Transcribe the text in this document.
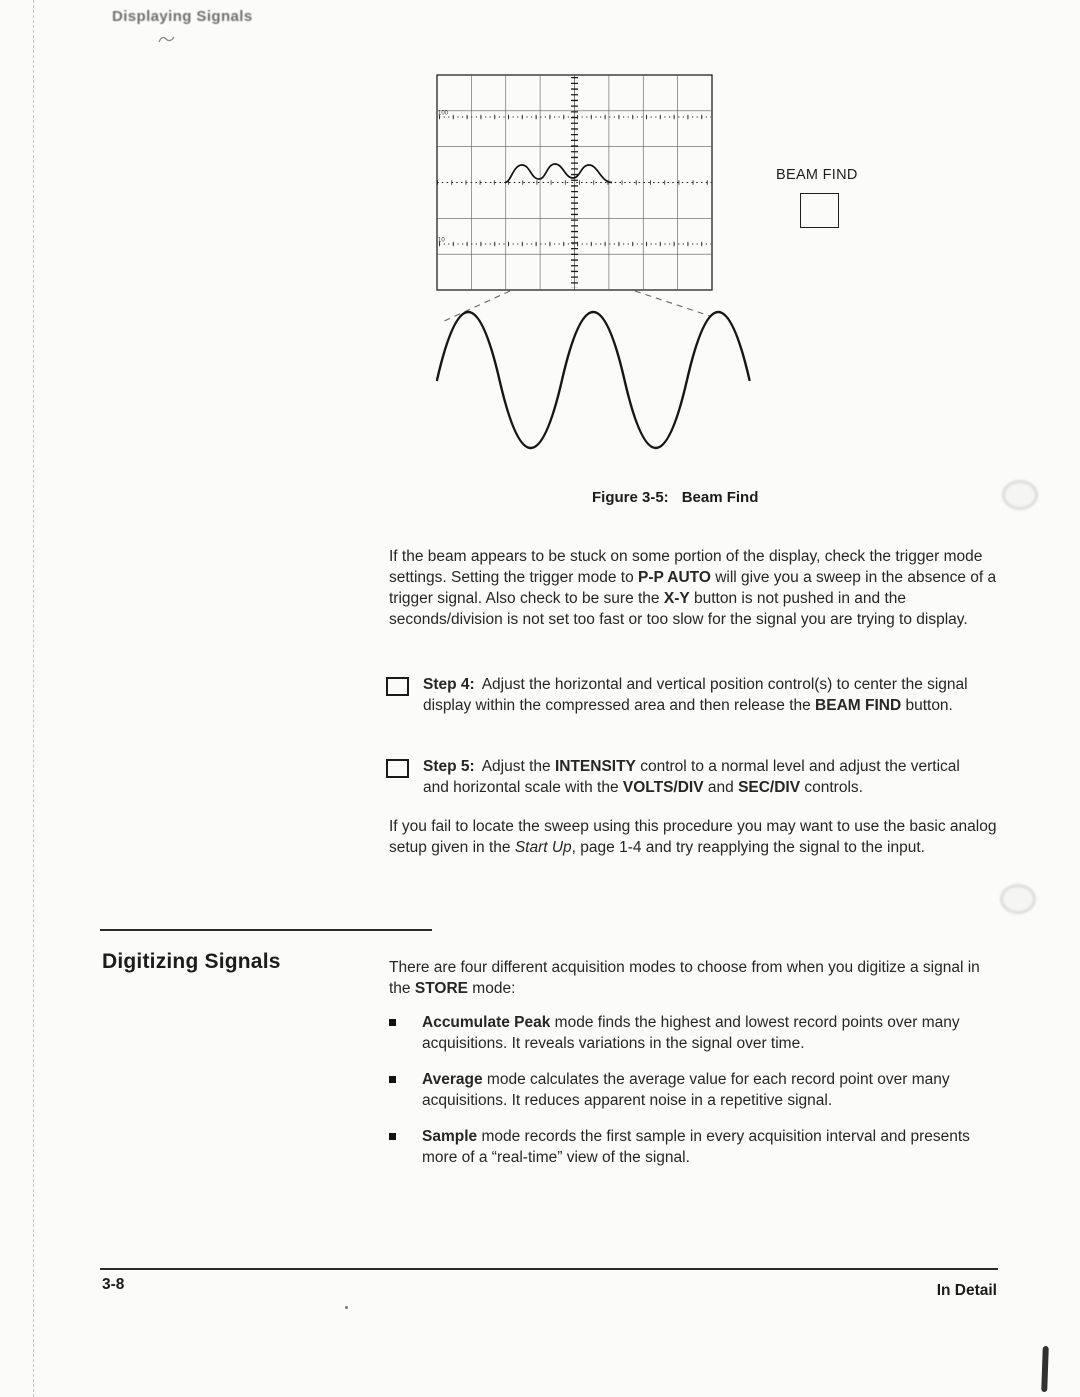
Displaying Signals
100
10
BEAM FIND
Figure 3-5: Beam Find
If the beam appears to be stuck on some portion of the display, check the trigger mode settings. Setting the trigger mode to P-P AUTO will give you a sweep in the absence of a trigger signal. Also check to be sure the X-Y button is not pushed in and the seconds/division is not set too fast or too slow for the signal you are trying to display.
Step 4: Adjust the horizontal and vertical position control(s) to center the signal display within the compressed area and then release the BEAM FIND button.
Step 5: Adjust the INTENSITY control to a normal level and adjust the vertical and horizontal scale with the VOLTS/DIV and SEC/DIV controls.
If you fail to locate the sweep using this procedure you may want to use the basic analog setup given in the Start Up, page 1-4 and try reapplying the signal to the input.
Digitizing Signals	There are four different acquisition modes to choose from when you digitize a signal in the STORE mode:
Accumulate Peak mode finds the highest and lowest record points over many acquisitions. It reveals variations in the signal over time.
Average mode calculates the average value for each record point over many acquisitions. It reduces apparent noise in a repetitive signal.
Sample mode records the first sample in every acquisition interval and presents more of a “real-time” view of the signal.
3-8	In Detail
